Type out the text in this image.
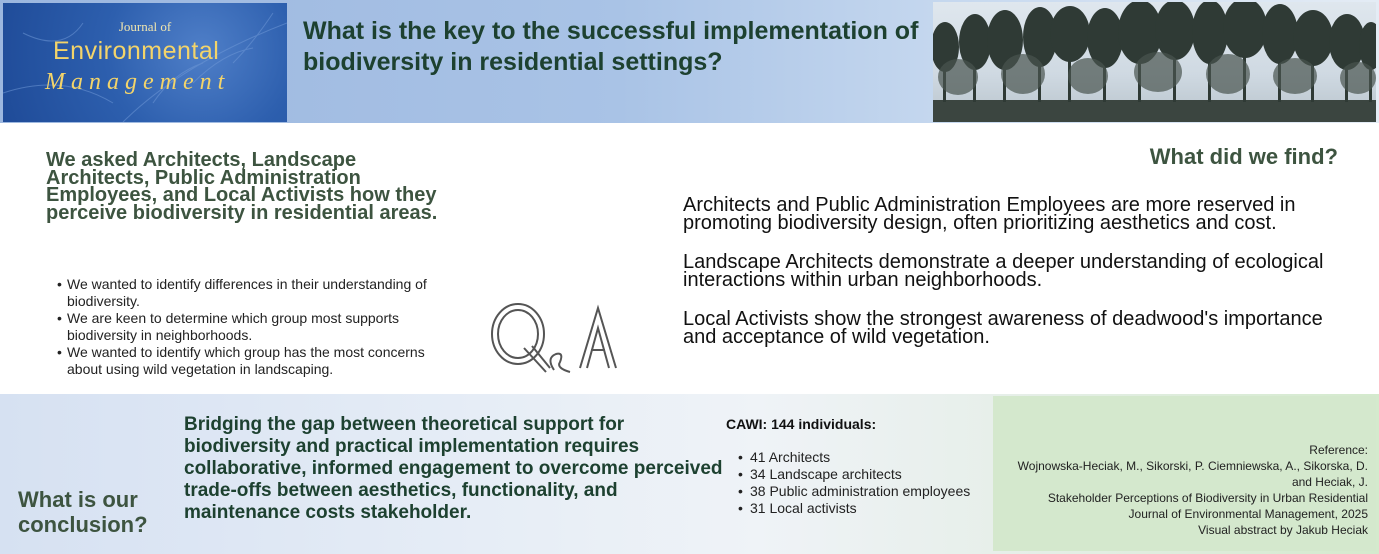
Journal of
Environmental
Management
What is the key to the successful implementation of biodiversity in residential settings?
We asked Architects, Landscape Architects, Public Administration Employees, and Local Activists how they perceive biodiversity in residential areas.
• We wanted to identify differences in their understanding of biodiversity.
• We are keen to determine which group most supports biodiversity in neighborhoods.
• We wanted to identify which group has the most concerns about using wild vegetation in landscaping.
What did we find?
Architects and Public Administration Employees are more reserved in promoting biodiversity design, often prioritizing aesthetics and cost.
Landscape Architects demonstrate a deeper understanding of ecological interactions within urban neighborhoods.
Local Activists show the strongest awareness of deadwood's importance and acceptance of wild vegetation.
What is our conclusion?
Bridging the gap between theoretical support for biodiversity and practical implementation requires collaborative, informed engagement to overcome perceived trade-offs between aesthetics, functionality, and maintenance costs stakeholder.
CAWI: 144 individuals:
• 41 Architects
• 34 Landscape architects
• 38 Public administration employees
• 31 Local activists
Reference:
Wojnowska-Heciak, M., Sikorski, P. Ciemniewska, A., Sikorska, D. and Heciak, J.
Stakeholder Perceptions of Biodiversity in Urban Residential
Journal of Environmental Management, 2025
Visual abstract by Jakub Heciak
